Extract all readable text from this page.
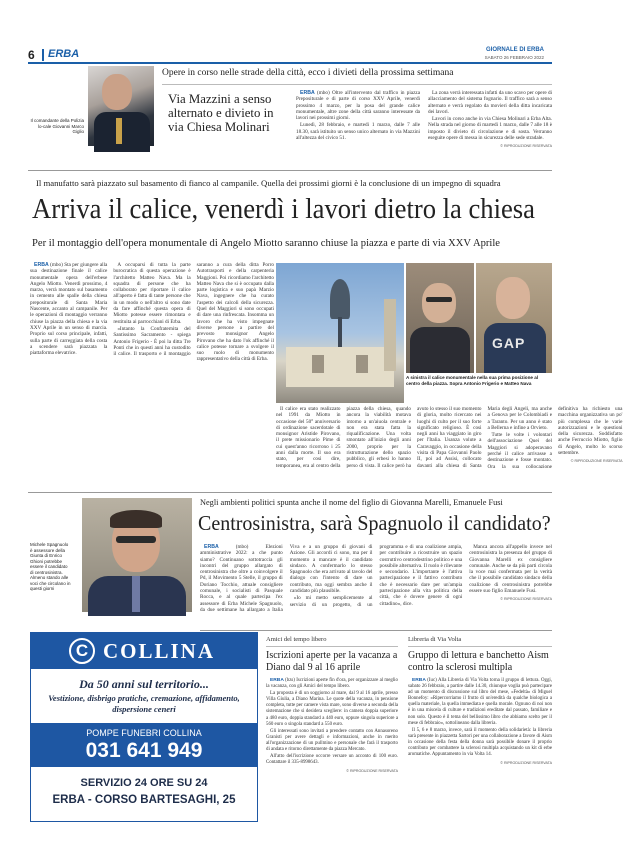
6 ERBA	GIORNALE DI ERBA
SABATO 26 FEBBRAIO 2022
Il comandante della Polizia lo-cale Giovanni Marco Giglio
Opere in corso nelle strade della città, ecco i divieti della prossima settimana
Via Mazzini a senso alternato e divieto in via Chiesa Molinari

ERBA (mbo) Oltre all'intervento dal traffico in piazza Prepositurale e di parte di corso XXV Aprile, venerdì prossimo 4 marzo, per la posa del grande calice monumentale, altre zone della città saranno interessate da lavori nei prossimi giorni.

Lunedì, 28 febbraio, e martedì 1 marzo, dalle 7 alle 18.30, sarà istituito un senso unico alternato in via Mazzini all'altezza del civico 51.

La zona verrà interessata infatti da uno scavo per opere di allacciamento del sistema fognario. Il traffico sarà a senso alternato e verrà regolato da movieri della ditta incaricata dei lavori.

Lavori in corso anche in via Chiesa Molinari a Erba Alta. Nella strada nel giorno di martedì 1 marzo, dalle 7 alle 18 è imposto il divieto di circolazione e di sosta. Verranno eseguite opere di messa in sicurezza delle sede stradale.

© RIPRODUZIONE RISERVATA
Il manufatto sarà piazzato sul basamento di fianco al campanile. Quella dei prossimi giorni è la conclusione di un impegno di squadra
Arriva il calice, venerdì i lavori dietro la chiesa
Per il montaggio dell'opera monumentale di Angelo Miotto saranno chiuse la piazza e parte di via XXV Aprile

ERBA (mbo) Sta per giungere alla sua destinazione finale il calice monumentale opera dell'erbese Angelo Miotto. Venerdì prossimo, 4 marzo, verrà montato sul basamento in cemento alle spalle della chiesa prepositurale di Santa Maria Nascente, accanto al campanile. Per le operazioni di montaggio verranno chiuse la piazza della chiesa e la via XXV Aprile in un senso di marcia. Proprio sul corso principale, infatti, sulla parte di carreggiata della costa a scendere sarà piazzata la piattaforma elevatrice.

A occuparsi di tutta la parte burocratica di questa operazione è l'architetto Matteo Nava. Ma la squadra di persone che ha collaborato per riportare il calice all'aperto è fatta di tante persone che in un modo o nell'altro si sono date da fare affinché questa opera di Miotto potesse essere rimontata e restituita ai parrocchiani di Erba.

«Intanto la Confraternita del Santissimo Sacramento - spiega Antonio Frigerio - È poi la ditta Tre Ponti che in questi anni ha custodito il calice. Il trasporto e il montaggio saranno a cura della ditta Porro Autotrasporti e della carpenteria Maggioni. Poi ricordiamo l'architetto Matteo Nava che si è occupato dalla parte logistica e suo papà Marzio Nava, ingegnere che ha curato l'aspetto dei calcoli della sicurezza. Quel del Maggiori si sono occupati di dare una rinfrescata. Insomma un lavoro che ha visto impegnate diverse persone a partire del prevosto monsignor Angelo Pirovano che ha dato l'ok affinché il calice potesse tornare a svolgere il suo ruolo di monumento rappresentativo della città di Erba.

GAP
A sinistra il calice monumentale nella sua prima posizione al centro della piazza. Sopra Antonio Frigerio e Matteo Nava

Il calice era stato realizzato nel 1991 da Miotto in occasione del 50° anniversario di ordinazione sacerdotale di monsignor Aristide Pirovano, il prete missionario Pime di cui quest'anno ricorrono i 25 anni dalla morte. Il suo era stato, per così dire, temporanea, era al centro della piazza della chiesa, quando ancora la viabilità motava intorno a un'aiuola centrale e non era stata fatta la riqualificazione. Una volta smontato all'inizio degli anni 2000, proprio per la ristrutturazione dello spazio pubblico, gli erbesi lo hanno perso di vista. Il calice però ha avuto lo stesso il suo momento di gloria, molto ricercato nei luoghi di culto per il suo forte significato religioso. È così negli anni ha viaggiato in giro per l'Italia. Usanza volute a Caravaggio, in occasione della visita di Papa Giovanni Paolo II, poi ad Assisi, collocato davanti alla chiesa di Santa Maria degli Angeli, ma anche a Genova per le Colombiadi e a Taranto. Per un anno è stato a Bellerna e infine a Orvieto.

Tutte le volte i volontari dell'associazione Quei del Maggiori si adoperavano perché il calice arrivasse a destinazione e fosse montato. Ora la sua collocazione definitiva ha richiesto una macchina organizzativa un po' più complessa che le varie autorizzazioni e le questioni della sicurezza. Soddisfatto anche Ferruccio Miotto, figlio di Angelo, molto lo scorso settembre.

© RIPRODUZIONE RISERVATA
Negli ambienti politici spunta anche il nome del figlio di Giovanna Marelli, Emanuele Fusi
Centrosinistra, sarà Spagnuolo il candidato?
Michele Spagnuolo è assessore della Giunta di Enrico Ghioni potrebbe essere il candidato di centrosinistra. Almeno stando alle voci che circolano in questi giorni

ERBA	(mbo)	Elezioni amministrative 2022: a che punto siamo? Continuano sottotraccia gli incontri del gruppo allargato di centrosinistra che oltre a coinvolgere il Pd, il Movimento 5 Stelle, il gruppo di Doriano Tocchio, attuale consigliere comunale, i socialisti di Pasquale Rocca, e al quale partecipa l'ex assessore di Erba Michele Spagnuolo, da due settimane ha allargato a Italia Viva e a un gruppo di giovani di Azione. Gli accordi ci sono, ma per il momento a mancare è il candidato sindaco. A confermarlo lo stesso Spagnuolo che era arrivato al tavolo del dialogo con l'intento di dare un contributo, ma oggi sembra anche il candidato più plausibile.

«Io mi metto semplicemente al servizio di un progetto, di un programma e di una coalizione ampia, per contribuire a ricostruire un spazio costruttivo centrodestrino politico e una possibile alternativa. Il ruolo è rilevante e secondario. L'importante è l'attiva partecipazione e il fattivo contributo che è necessario dare per un'ampia partecipazione alla vita politica della città, che è dovere genere di ogni cittadino», dice.

Manca ancora all'appello invece nel centrosinistra la presenza del gruppo di Giovanna Marelli ex consigliere comunale. Anche se da più parti circola la voce mai confermata per la verità che il possibile candidato sindaco della coalizione di centrosinistra potrebbe essere suo figlio Emanuele Fusi.

© RIPRODUZIONE RISERVATA
C COLLINA
Da 50 anni sul territorio...
Vestizione, disbrigo pratiche, cremazione, affidamento, dispersione ceneri
POMPE FUNEBRI COLLINA
031 641 949
SERVIZIO 24 ORE SU 24
ERBA - CORSO BARTESAGHI, 25
Amici del tempo libero
Iscrizioni aperte per la vacanza a Diano dal 9 al 16 aprile

ERBA (bzs) Iscrizioni aperte fin d'ora, per organizzare al meglio la vacanza, con gli Amici del tempo libero.

La proposta è di un soggiorno al mare, dal 9 al 16 aprile, presso Villa Giulia, a Diano Marina. Le quote della vacanza, in pensione completa, tutte per camere vista mare, sono diverse a seconda della sistemazione che si desidera scegliere: in camera doppia superiore a 480 euro, doppia standard a 440 euro, oppure singola superiore a 560 euro o singola standard a 550 euro.

Gli interessati sono invitati a prendere contatto con Annasoreno Granisti per avere dettagli e informazioni, anche in merito all'organizzazione di un pullmino e personale che farà il trasporto di andata e ritorno direttamente da piazza Mercato.

All'atto dell'iscrizione occorre versare un acconto di 100 euro. Contattare il 335-8998643.

© RIPRODUZIONE RISERVATA
Libreria di Via Volta
Gruppo di lettura e banchetto Aism contro la sclerosi multipla

ERBA (Iuc) Alla Libreria di Via Volta torna il gruppo di lettura. Oggi, sabato 26 febbraio, a partire dalle 14.30, chiunque voglia può partecipare ad un momento di discussione sul libro del mese, «Fedeltà» di Miguel Bonnefoy: «Ripercorriamo il frutto di un'eredità da qualche biologica a quella materiale, la quella immediata e quella morale. Ognuno di noi non è in una miscela di culture e tradizioni ereditate dal passato, familiare e non solo. Questo è il tema del bellissimo libro che abbiamo scelto per il mese di febbraio», sottolineano dalla libreria.

Il 5, 6 e 8 marzo, invece, sarà il momento della solidarietà: la libreria sarà presente in piazzetta Sartori per una collaborazione a favore di Aism in occasione della festa della donna sarà possibile donare il proprio contributo per combattere la sclerosi multipla acquistando un kit di erbe aromatiche. Appuntamento in via Volta 14.

© RIPRODUZIONE RISERVATA
